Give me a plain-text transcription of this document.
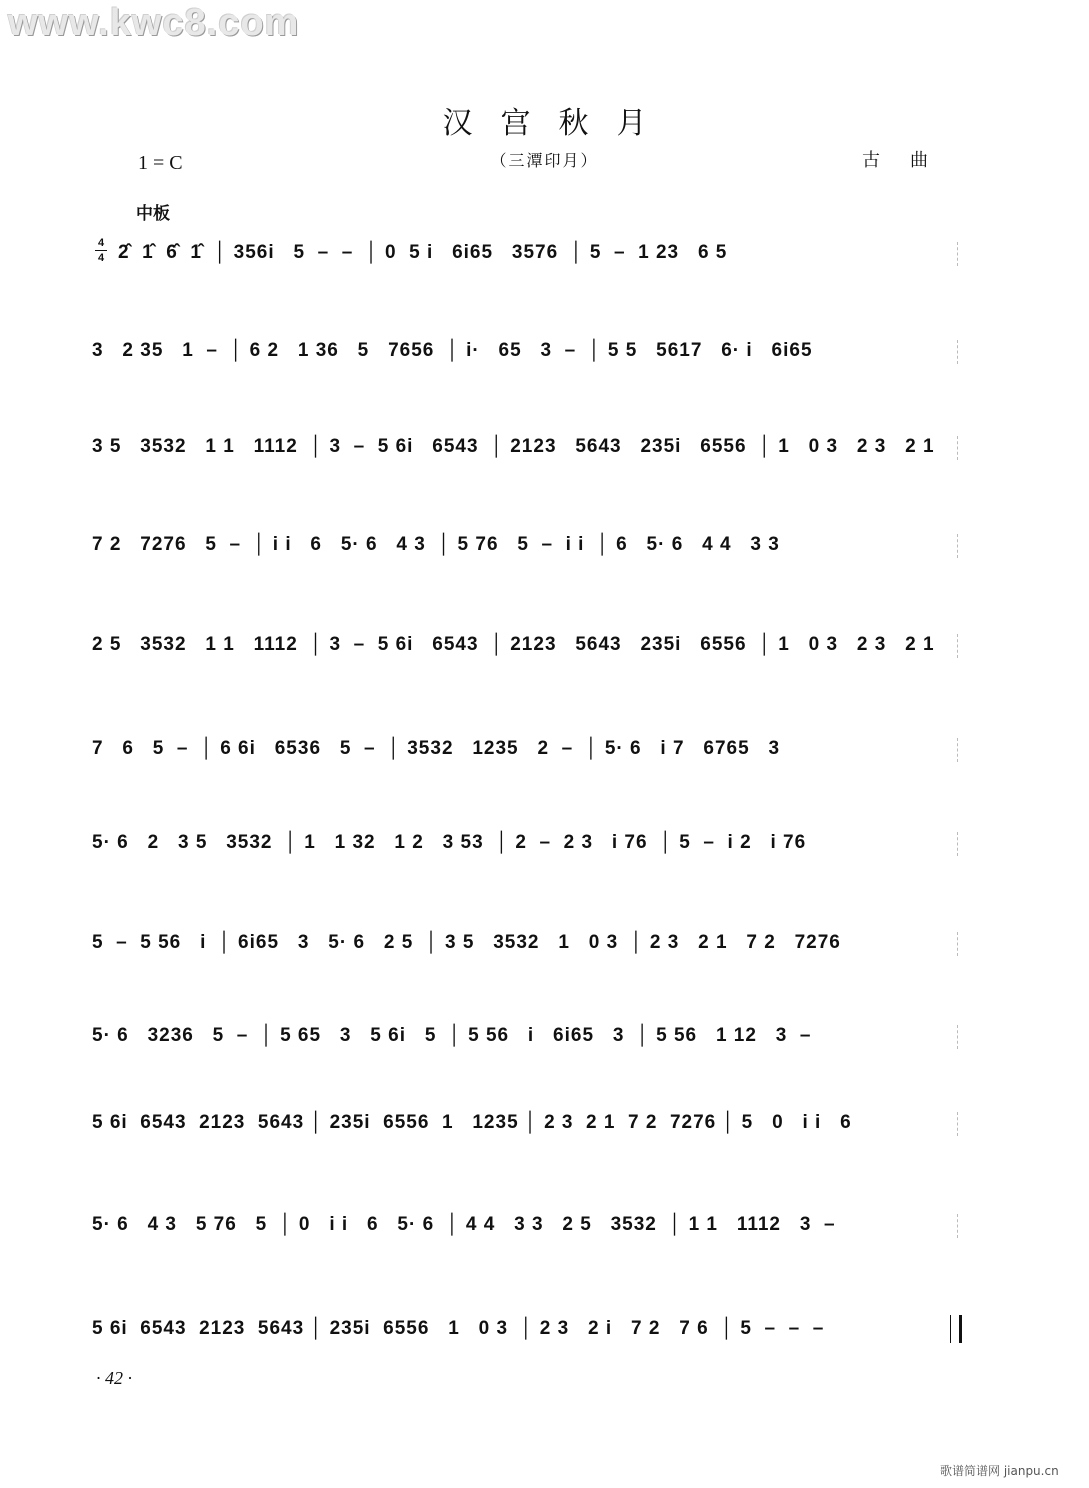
www.kwc8.com
汉宫秋月
（三潭印月）
1 = C	古曲
中板
4
4 2̂  1̂  6̂  1̂  │ 356i   5  –  –  │ 0  5 i   6i65   3576  │ 5  –  1 23   6 5
3   2 35   1  –  │ 6 2   1 36   5   7656  │ i·   65   3  –  │ 5 5   5617   6· i   6i65
3 5   3532   1 1   1112  │ 3  –  5 6i   6543  │ 2123   5643   235i   6556  │ 1   0 3   2 3   2 1
7 2   7276   5  –  │ i i   6   5· 6   4 3  │ 5 76   5  –  i i  │ 6   5· 6   4 4   3 3
2 5   3532   1 1   1112  │ 3  –  5 6i   6543  │ 2123   5643   235i   6556  │ 1   0 3   2 3   2 1
7   6   5  –  │ 6 6i   6536   5  –  │ 3532   1235   2  –  │ 5· 6   i 7   6765   3
5· 6   2   3 5   3532  │ 1   1 32   1 2   3 53  │ 2  –  2 3   i 76  │ 5  –  i 2   i 76
5  –  5 56   i  │ 6i65   3   5· 6   2 5  │ 3 5   3532   1   0 3  │ 2 3   2 1   7 2   7276
5· 6   3236   5  –  │ 5 65   3   5 6i   5  │ 5 56   i   6i65   3  │ 5 56   1 12   3  –
5 6i  6543  2123  5643 │ 235i  6556  1   1235 │ 2 3  2 1  7 2  7276 │ 5   0   i i   6
5· 6   4 3   5 76   5  │ 0   i i   6   5· 6  │ 4 4   3 3   2 5   3532  │ 1 1   1112   3  –
5 6i  6543  2123  5643 │ 235i  6556   1   0 3  │ 2 3   2 i   7 2   7 6  │ 5  –  –  –
· 42 ·
歌谱简谱网 jianpu.cn
